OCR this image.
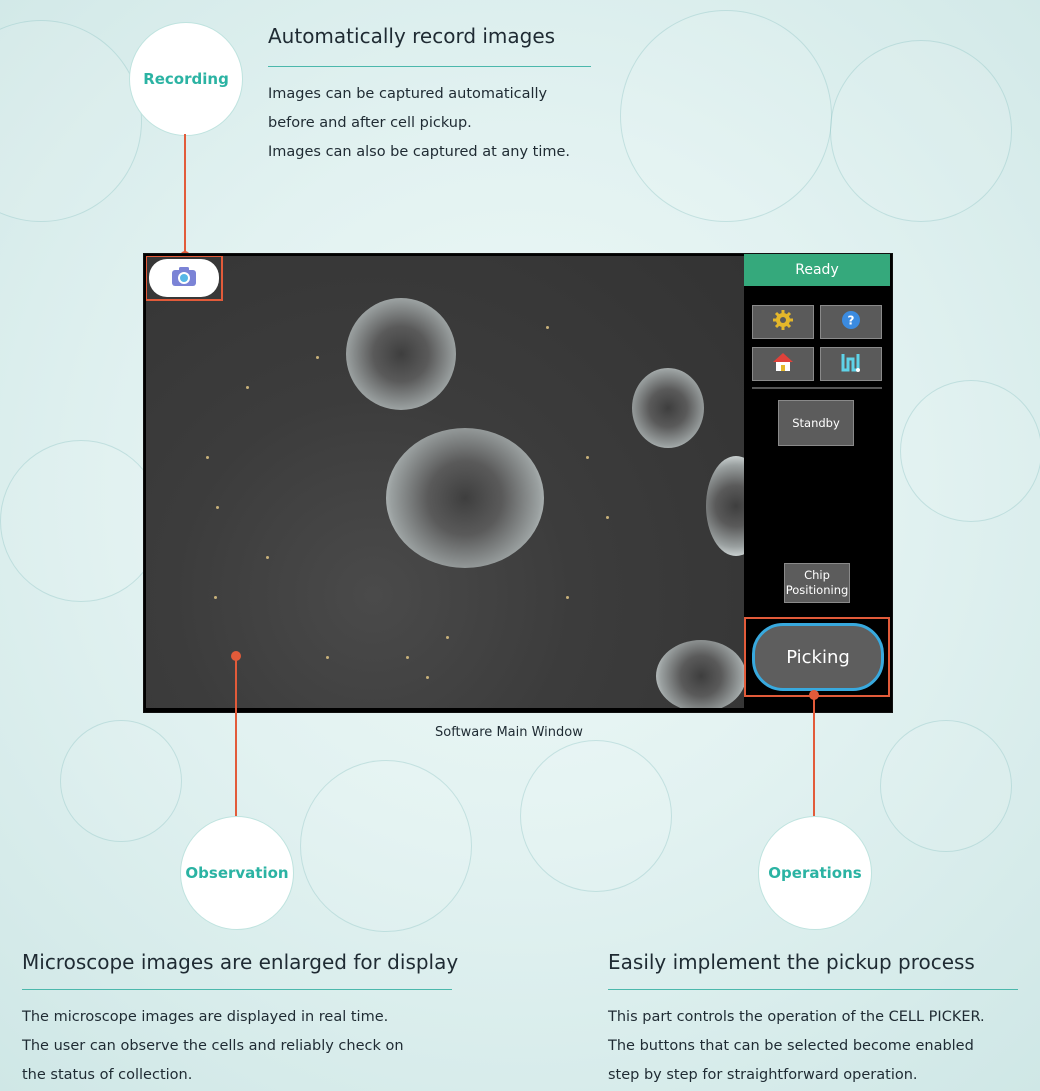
Recording
Automatically record images
Images can be captured automatically
before and after cell pickup.
Images can also be captured at any time.
Ready
?
Standby
Chip
Positioning
Picking
Software Main Window
Observation
Microscope images are enlarged for display
The microscope images are displayed in real time.
The user can observe the cells and reliably check on
the status of collection.
Operations
Easily implement the pickup process
This part controls the operation of the CELL PICKER.
The buttons that can be selected become enabled
step by step for straightforward operation.
